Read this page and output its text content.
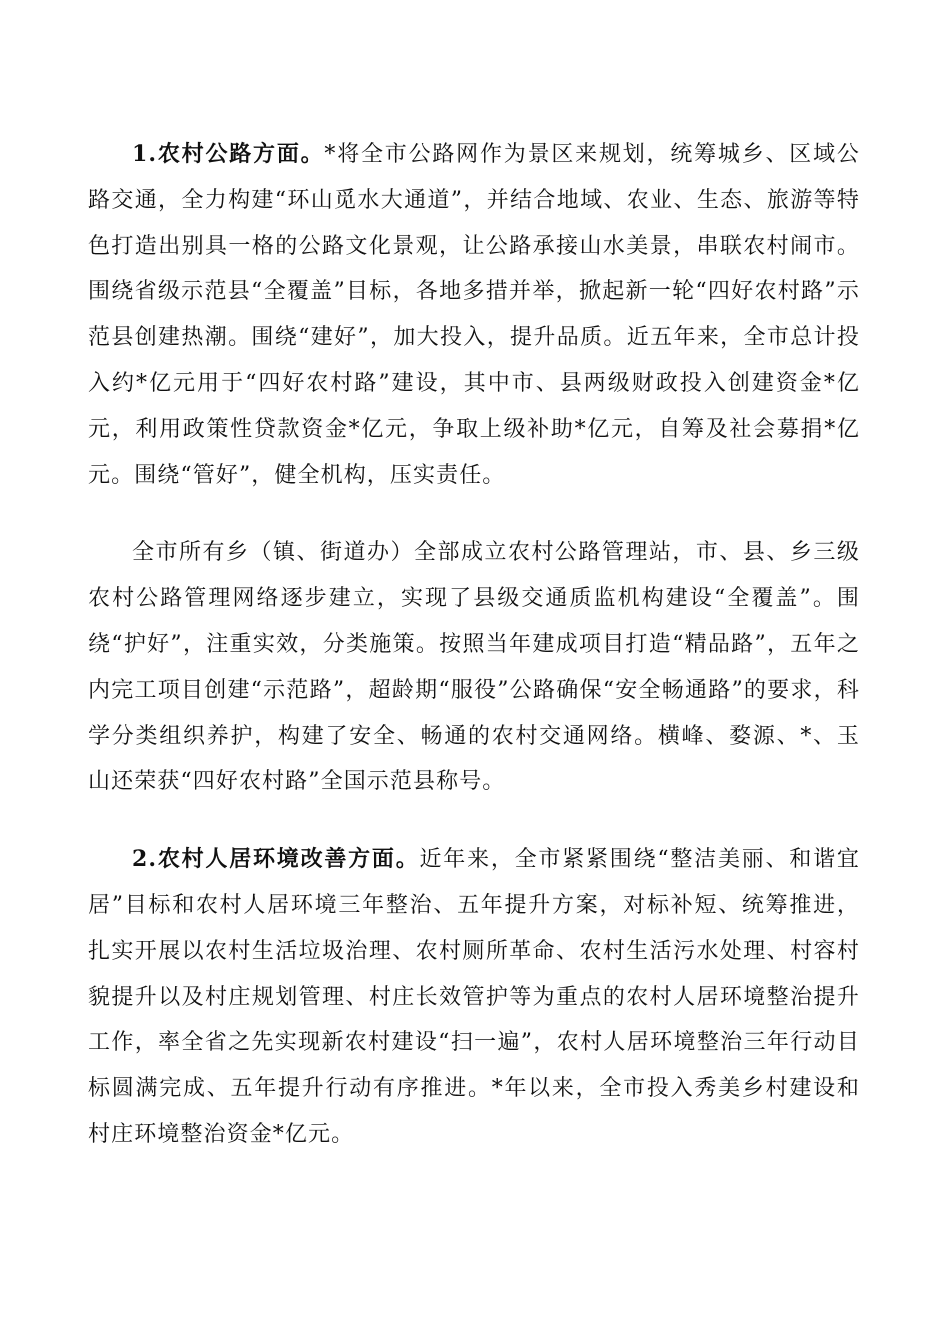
1.农村公路方面。*将全市公路网作为景区来规划，统筹城乡、区域公路交通，全力构建“环山觅水大通道”，并结合地域、农业、生态、旅游等特色打造出别具一格的公路文化景观，让公路承接山水美景，串联农村闹市。围绕省级示范县“全覆盖”目标，各地多措并举，掀起新一轮“四好农村路”示范县创建热潮。围绕“建好”，加大投入，提升品质。近五年来，全市总计投入约*亿元用于“四好农村路”建设，其中市、县两级财政投入创建资金*亿元，利用政策性贷款资金*亿元，争取上级补助*亿元，自筹及社会募捐*亿元。围绕“管好”，健全机构，压实责任。

全市所有乡（镇、街道办）全部成立农村公路管理站，市、县、乡三级农村公路管理网络逐步建立，实现了县级交通质监机构建设“全覆盖”。围绕“护好”，注重实效，分类施策。按照当年建成项目打造“精品路”，五年之内完工项目创建“示范路”，超龄期“服役”公路确保“安全畅通路”的要求，科学分类组织养护，构建了安全、畅通的农村交通网络。横峰、婺源、*、玉山还荣获“四好农村路”全国示范县称号。

2.农村人居环境改善方面。近年来，全市紧紧围绕“整洁美丽、和谐宜居”目标和农村人居环境三年整治、五年提升方案，对标补短、统筹推进，扎实开展以农村生活垃圾治理、农村厕所革命、农村生活污水处理、村容村貌提升以及村庄规划管理、村庄长效管护等为重点的农村人居环境整治提升工作，率全省之先实现新农村建设“扫一遍”，农村人居环境整治三年行动目标圆满完成、五年提升行动有序推进。*年以来，全市投入秀美乡村建设和村庄环境整治资金*亿元。
